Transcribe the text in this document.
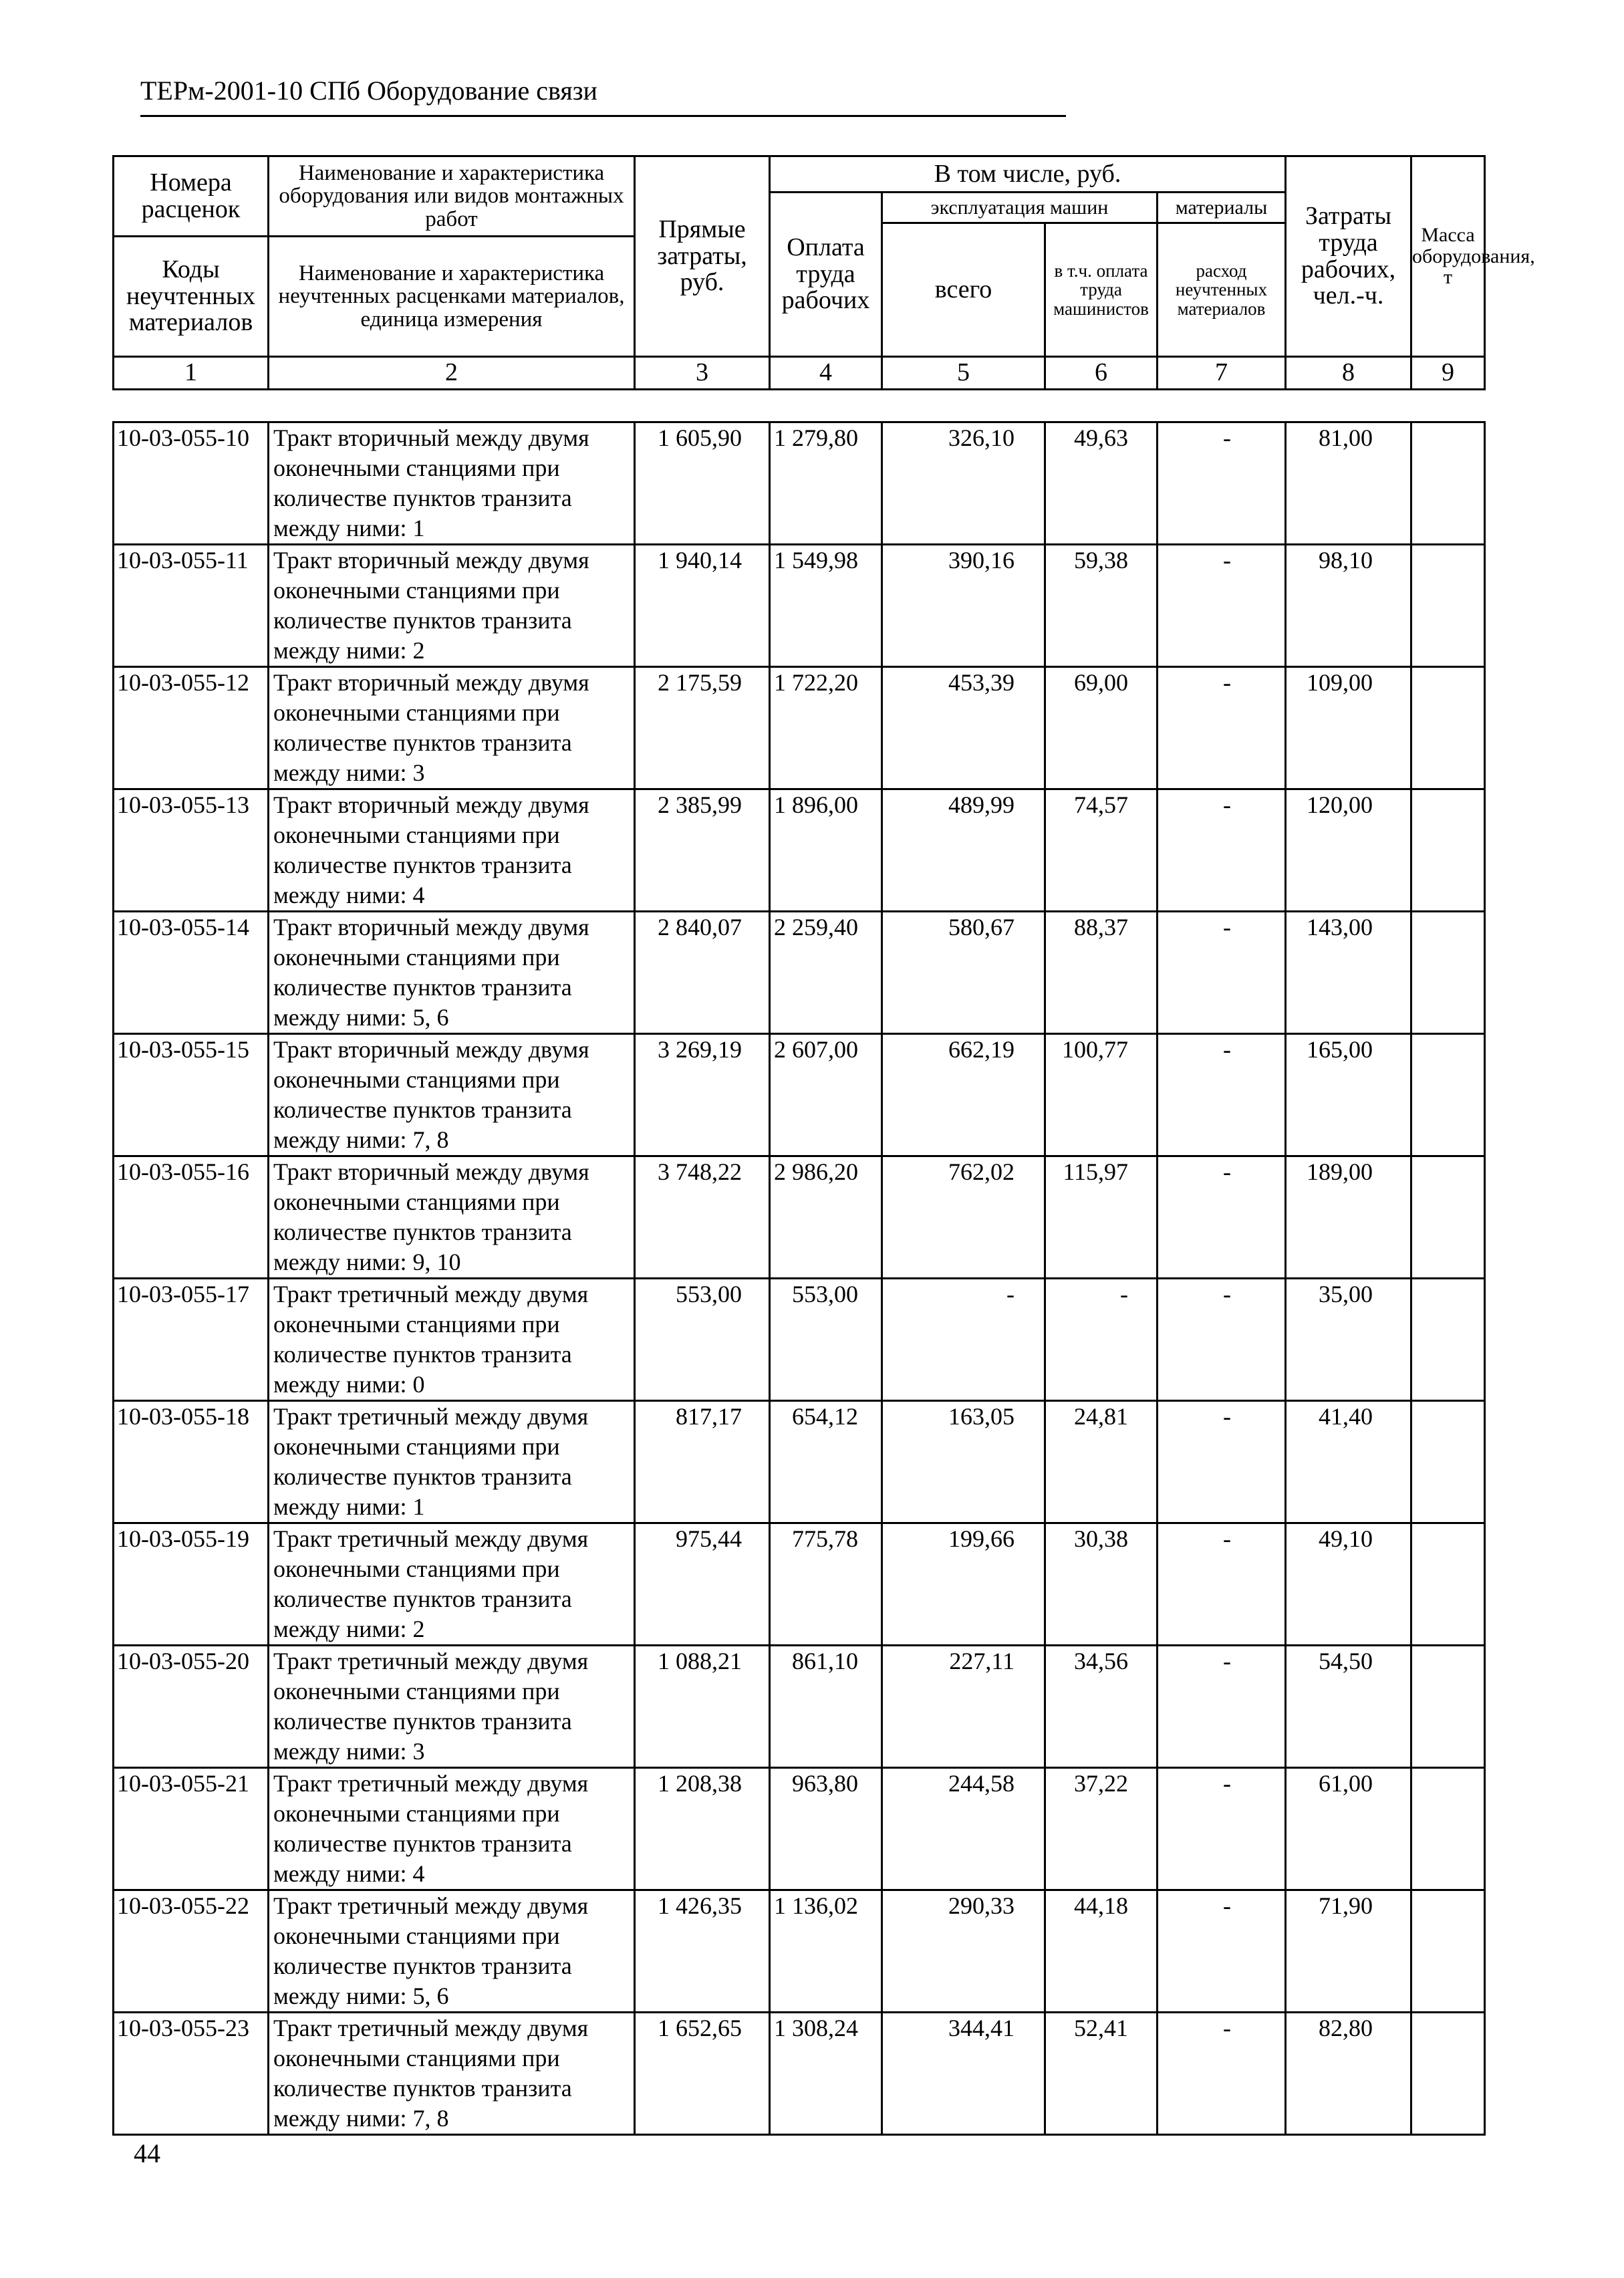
ТЕРм-2001-10 СПб Оборудование связи
Номера расценок	Наименование и характеристика оборудования или видов монтажных работ	Прямые затраты, руб.	В том числе, руб.				Затраты труда рабочих, чел.-ч.	Масса оборудования, т
			Оплата труда рабочих	эксплуатация машин		материалы		
				всего	в т.ч. оплата труда машинистов	расход неучтенных материалов		
Коды неучтенных материалов	Наименование и характеристика неучтенных расценками материалов, единица измерения							

1	2	3	4	5	6	7	8	9
10-03-055-10	Тракт вторичный между двумя оконечными станциями при количестве пунктов транзита между ними: 1	1 605,90	1 279,80	326,10	49,63	-	81,00	
10-03-055-11	Тракт вторичный между двумя оконечными станциями при количестве пунктов транзита между ними: 2	1 940,14	1 549,98	390,16	59,38	-	98,10	
10-03-055-12	Тракт вторичный между двумя оконечными станциями при количестве пунктов транзита между ними: 3	2 175,59	1 722,20	453,39	69,00	-	109,00	
10-03-055-13	Тракт вторичный между двумя оконечными станциями при количестве пунктов транзита между ними: 4	2 385,99	1 896,00	489,99	74,57	-	120,00	
10-03-055-14	Тракт вторичный между двумя оконечными станциями при количестве пунктов транзита между ними: 5, 6	2 840,07	2 259,40	580,67	88,37	-	143,00	
10-03-055-15	Тракт вторичный между двумя оконечными станциями при количестве пунктов транзита между ними: 7, 8	3 269,19	2 607,00	662,19	100,77	-	165,00	
10-03-055-16	Тракт вторичный между двумя оконечными станциями при количестве пунктов транзита между ними: 9, 10	3 748,22	2 986,20	762,02	115,97	-	189,00	
10-03-055-17	Тракт третичный между двумя оконечными станциями при количестве пунктов транзита между ними: 0	553,00	553,00	-	-	-	35,00	
10-03-055-18	Тракт третичный между двумя оконечными станциями при количестве пунктов транзита между ними: 1	817,17	654,12	163,05	24,81	-	41,40	
10-03-055-19	Тракт третичный между двумя оконечными станциями при количестве пунктов транзита между ними: 2	975,44	775,78	199,66	30,38	-	49,10	
10-03-055-20	Тракт третичный между двумя оконечными станциями при количестве пунктов транзита между ними: 3	1 088,21	861,10	227,11	34,56	-	54,50	
10-03-055-21	Тракт третичный между двумя оконечными станциями при количестве пунктов транзита между ними: 4	1 208,38	963,80	244,58	37,22	-	61,00	
10-03-055-22	Тракт третичный между двумя оконечными станциями при количестве пунктов транзита между ними: 5, 6	1 426,35	1 136,02	290,33	44,18	-	71,90	
10-03-055-23	Тракт третичный между двумя оконечными станциями при количестве пунктов транзита между ними: 7, 8	1 652,65	1 308,24	344,41	52,41	-	82,80	
44
